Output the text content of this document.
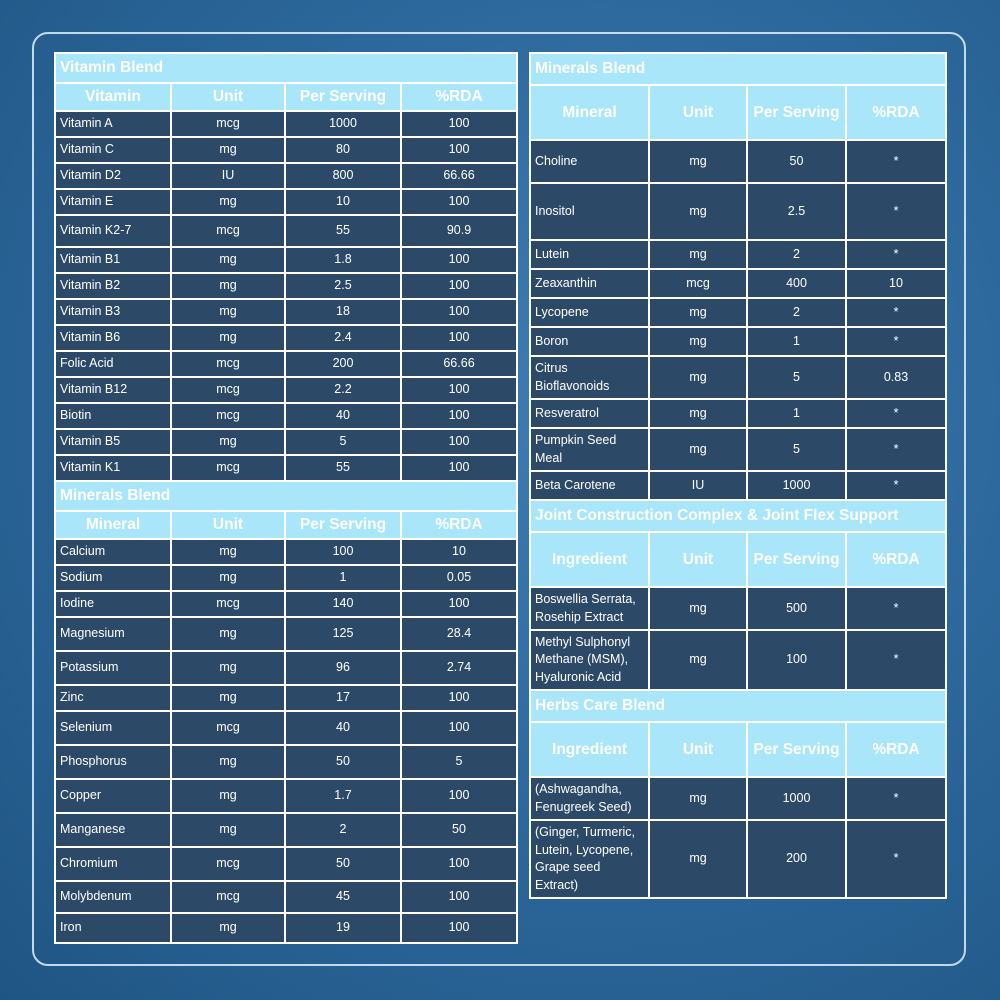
Vitamin Blend			
Vitamin	Unit	Per Serving	%RDA
Vitamin A	mcg	1000	100
Vitamin C	mg	80	100
Vitamin D2	IU	800	66.66
Vitamin E	mg	10	100
Vitamin K2-7	mcg	55	90.9
Vitamin B1	mg	1.8	100
Vitamin B2	mg	2.5	100
Vitamin B3	mg	18	100
Vitamin B6	mg	2.4	100
Folic Acid	mcg	200	66.66
Vitamin B12	mcg	2.2	100
Biotin	mcg	40	100
Vitamin B5	mg	5	100
Vitamin K1	mcg	55	100
Minerals Blend			
Mineral	Unit	Per Serving	%RDA
Calcium	mg	100	10
Sodium	mg	1	0.05
Iodine	mcg	140	100
Magnesium	mg	125	28.4
Potassium	mg	96	2.74
Zinc	mg	17	100
Selenium	mcg	40	100
Phosphorus	mg	50	5
Copper	mg	1.7	100
Manganese	mg	2	50
Chromium	mcg	50	100
Molybdenum	mcg	45	100
Iron	mg	19	100
Minerals Blend			
Mineral	Unit	Per Serving	%RDA
Choline	mg	50	*
Inositol	mg	2.5	*
Lutein	mg	2	*
Zeaxanthin	mcg	400	10
Lycopene	mg	2	*
Boron	mg	1	*
Citrus Bioflavonoids	mg	5	0.83
Resveratrol	mg	1	*
Pumpkin Seed Meal	mg	5	*
Beta Carotene	IU	1000	*
Joint Construction Complex & Joint Flex Support			
Ingredient	Unit	Per Serving	%RDA
Boswellia Serrata, Rosehip Extract	mg	500	*
Methyl Sulphonyl Methane (MSM), Hyaluronic Acid	mg	100	*
Herbs Care Blend			
Ingredient	Unit	Per Serving	%RDA
(Ashwagandha, Fenugreek Seed)	mg	1000	*
(Ginger, Turmeric, Lutein, Lycopene, Grape seed Extract)	mg	200	*
